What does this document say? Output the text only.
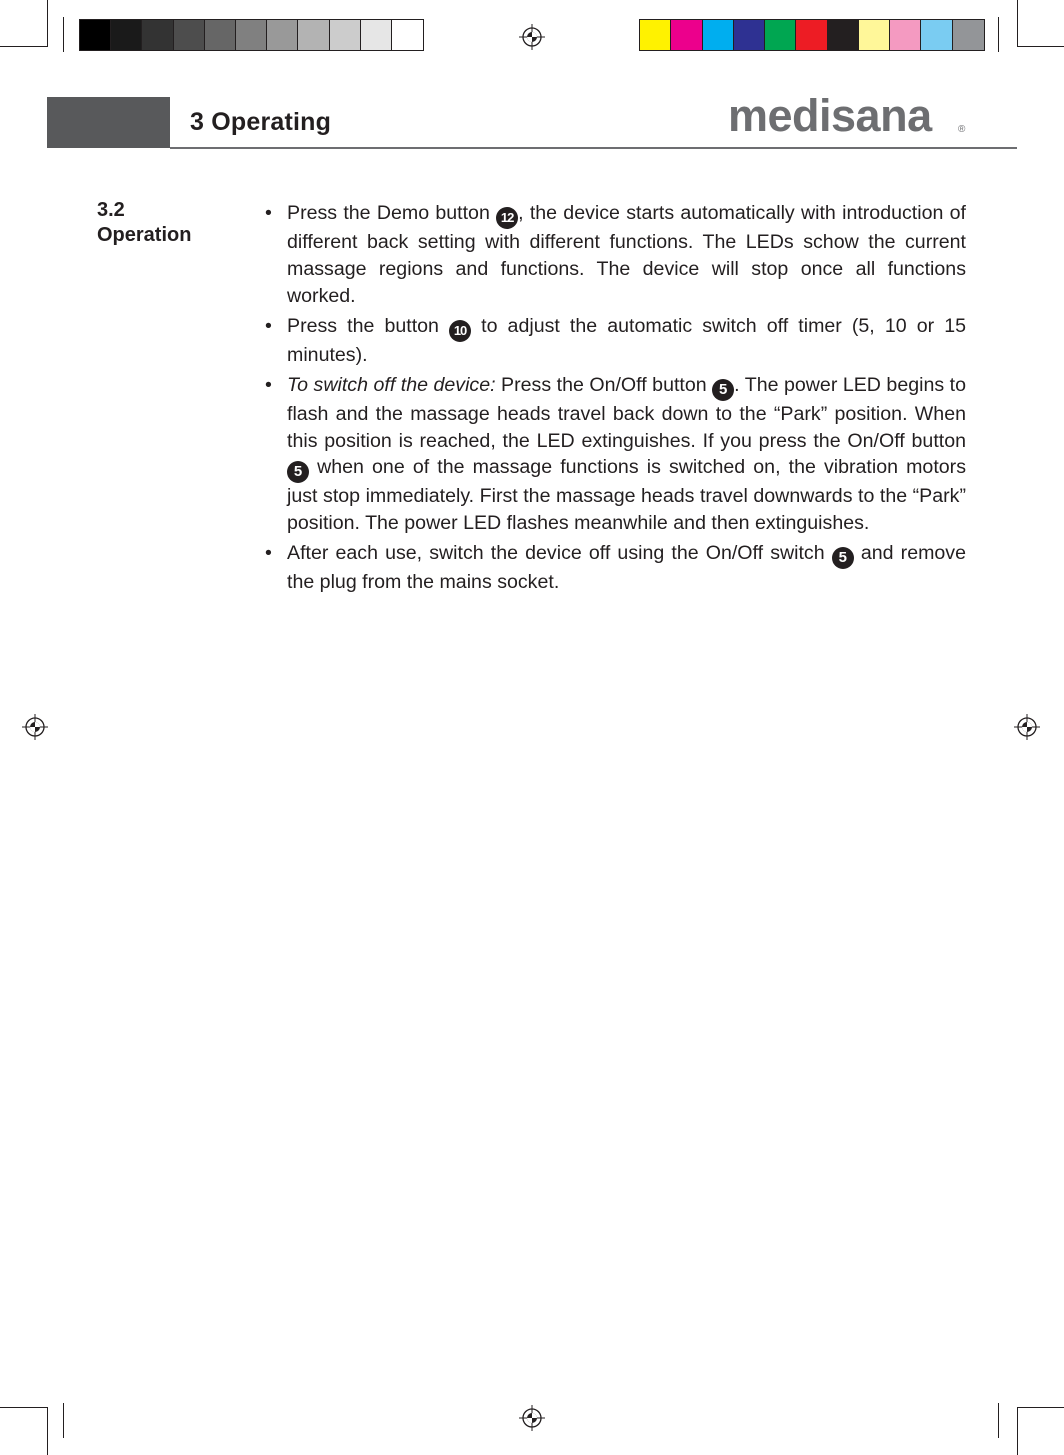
3 Operating	medisana	®
3.2
Operation
• Press the Demo button 12 , the device starts automatically with introduction of different back setting with different functions. The LEDs schow the current massage regions and functions. The device will stop once all functions worked.
• Press the button 10 to adjust the automatic switch off timer (5, 10 or 15 minutes).
• To switch off the device: Press the On/Off button 5 . The power LED begins to flash and the massage heads travel back down to the “Park” position. When this position is reached, the LED extinguishes. If you press the On/Off button 5 when one of the massage functions is switched on, the vibration motors just stop immediately. First the massage heads travel downwards to the “Park” position. The power LED flashes meanwhile and then extinguishes.
• After each use, switch the device off using the On/Off switch 5 and remove the plug from the mains socket.
